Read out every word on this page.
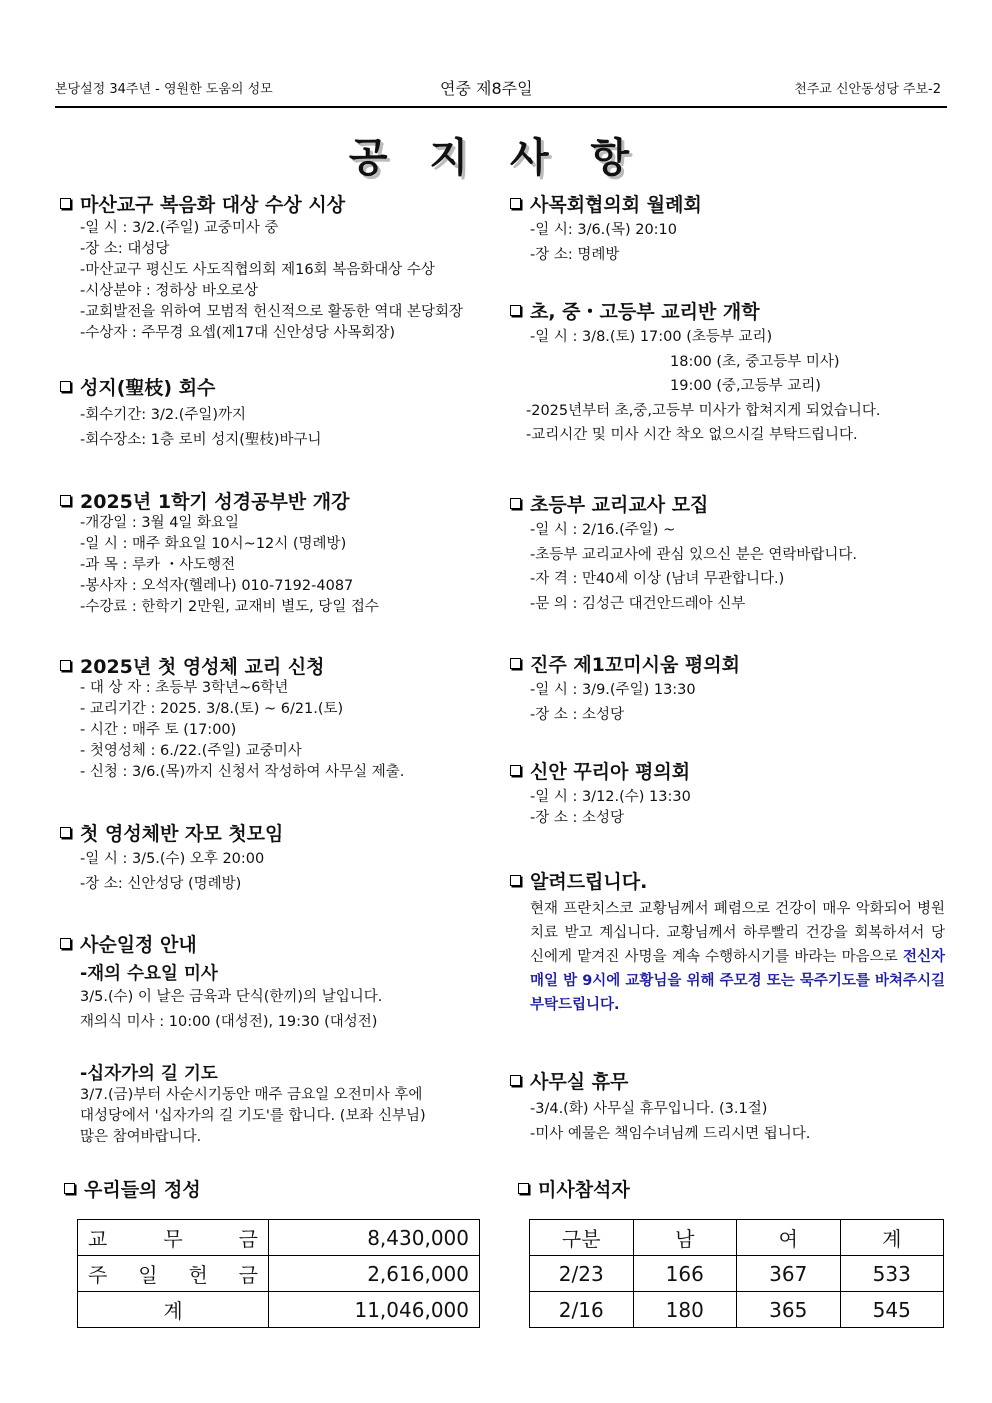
본당설정 34주년 - 영원한 도움의 성모	연중 제8주일	천주교 신안동성당 주보-2
공 지 사 항
마산교구 복음화 대상 수상 시상
-일 시 : 3/2.(주일) 교중미사 중
-장 소: 대성당
-마산교구 평신도 사도직협의회 제16회 복음화대상 수상
-시상분야 : 정하상 바오로상
-교회발전을 위하여 모범적 헌신적으로 활동한 역대 본당회장
-수상자 : 주무경 요셉(제17대 신안성당 사목회장)
성지(聖枝) 회수
-회수기간: 3/2.(주일)까지
-회수장소: 1층 로비 성지(聖枝)바구니
2025년 1학기 성경공부반 개강
-개강일 : 3월 4일 화요일
-일 시 : 매주 화요일 10시~12시 (명례방)
-과 목 : 루카 ・사도행전
-봉사자 : 오석자(헬레나) 010-7192-4087
-수강료 : 한학기 2만원, 교재비 별도, 당일 접수
2025년 첫 영성체 교리 신청
- 대 상 자 : 초등부 3학년~6학년
- 교리기간 : 2025. 3/8.(토) ~ 6/21.(토)
- 시간 : 매주 토 (17:00)
- 첫영성체 : 6./22.(주일) 교중미사
- 신청 : 3/6.(목)까지 신청서 작성하여 사무실 제출.
첫 영성체반 자모 첫모임
-일 시 : 3/5.(수) 오후 20:00
-장 소: 신안성당 (명례방)
사순일정 안내
-재의 수요일 미사
3/5.(수) 이 날은 금육과 단식(한끼)의 날입니다.
재의식 미사 : 10:00 (대성전), 19:30 (대성전)
-십자가의 길 기도
3/7.(금)부터 사순시기동안 매주 금요일 오전미사 후에
대성당에서 '십자가의 길 기도'를 합니다. (보좌 신부님)
많은 참여바랍니다.
사목회협의회 월례회
-일 시: 3/6.(목) 20:10
-장 소: 명례방
초, 중・고등부 교리반 개학
-일 시 : 3/8.(토) 17:00 (초등부 교리)
18:00 (초, 중고등부 미사)
19:00 (중,고등부 교리)
-2025년부터 초,중,고등부 미사가 합쳐지게 되었습니다.
-교리시간 및 미사 시간 착오 없으시길 부탁드립니다.
초등부 교리교사 모집
-일 시 : 2/16.(주일) ~
-초등부 교리교사에 관심 있으신 분은 연락바랍니다.
-자 격 : 만40세 이상 (남녀 무관합니다.)
-문 의 : 김성근 대건안드레아 신부
진주 제1꼬미시움 평의회
-일 시 : 3/9.(주일) 13:30
-장 소 : 소성당
신안 꾸리아 평의회
-일 시 : 3/12.(수) 13:30
-장 소 : 소성당
알려드립니다.
현재 프란치스코 교황님께서 폐렴으로 건강이 매우 악화되어 병원치료 받고 계십니다. 교황님께서 하루빨리 건강을 회복하셔서 당신에게 맡겨진 사명을 계속 수행하시기를 바라는 마음으로 전신자 매일 밤 9시에 교황님을 위해 주모경 또는 묵주기도를 바쳐주시길 부탁드립니다.
사무실 휴무
-3/4.(화) 사무실 휴무입니다. (3.1절)
-미사 예물은 책임수녀님께 드리시면 됩니다.
우리들의 정성	미사참석자
교 무 금	8,430,000

주 일 헌 금	2,616,000
계	11,046,000
구분	남	여	계
2/23	166	367	533
2/16	180	365	545
